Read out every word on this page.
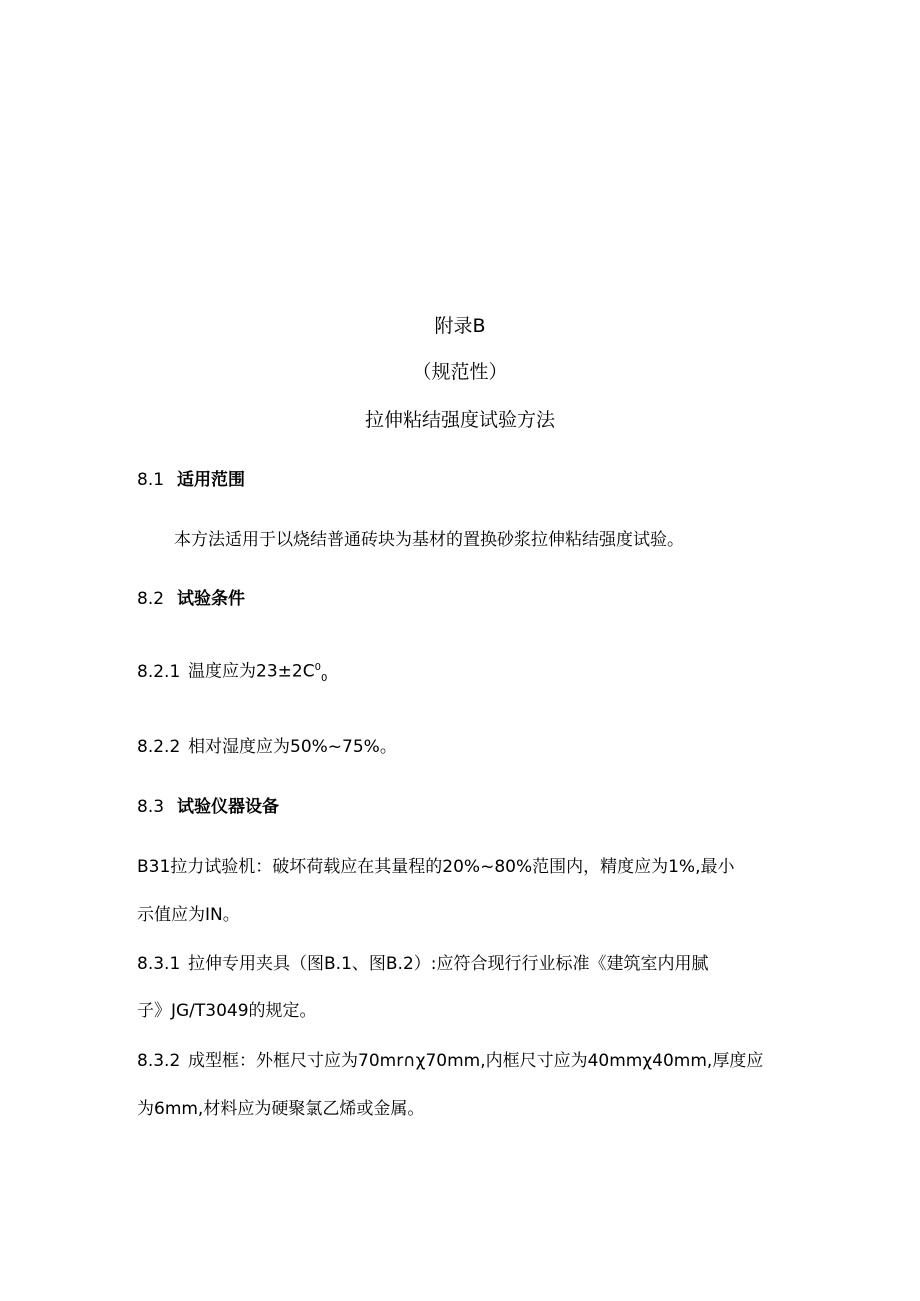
附录B
（规范性）
拉伸粘结强度试验方法
8.1 适用范围
本方法适用于以烧结普通砖块为基材的置换砂浆拉伸粘结强度试验。
8.2 试验条件
8.2.1 温度应为$23\pm 2C^0_0$
8.2.2 相对湿度应为50%~75%。
8.3 试验仪器设备
B31拉力试验机：破坏荷载应在其量程的20%~80%范围内，精度应为1%,最小
示值应为IN。
8.3.1 拉伸专用夹具（图B.1、图B.2）:应符合现行行业标准《建筑室内用腻
子》JG/T3049的规定。
8.3.2 成型框：外框尺寸应为70mr∩χ70mm,内框尺寸应为40mmχ40mm,厚度应
为6mm,材料应为硬聚氯乙烯或金属。
